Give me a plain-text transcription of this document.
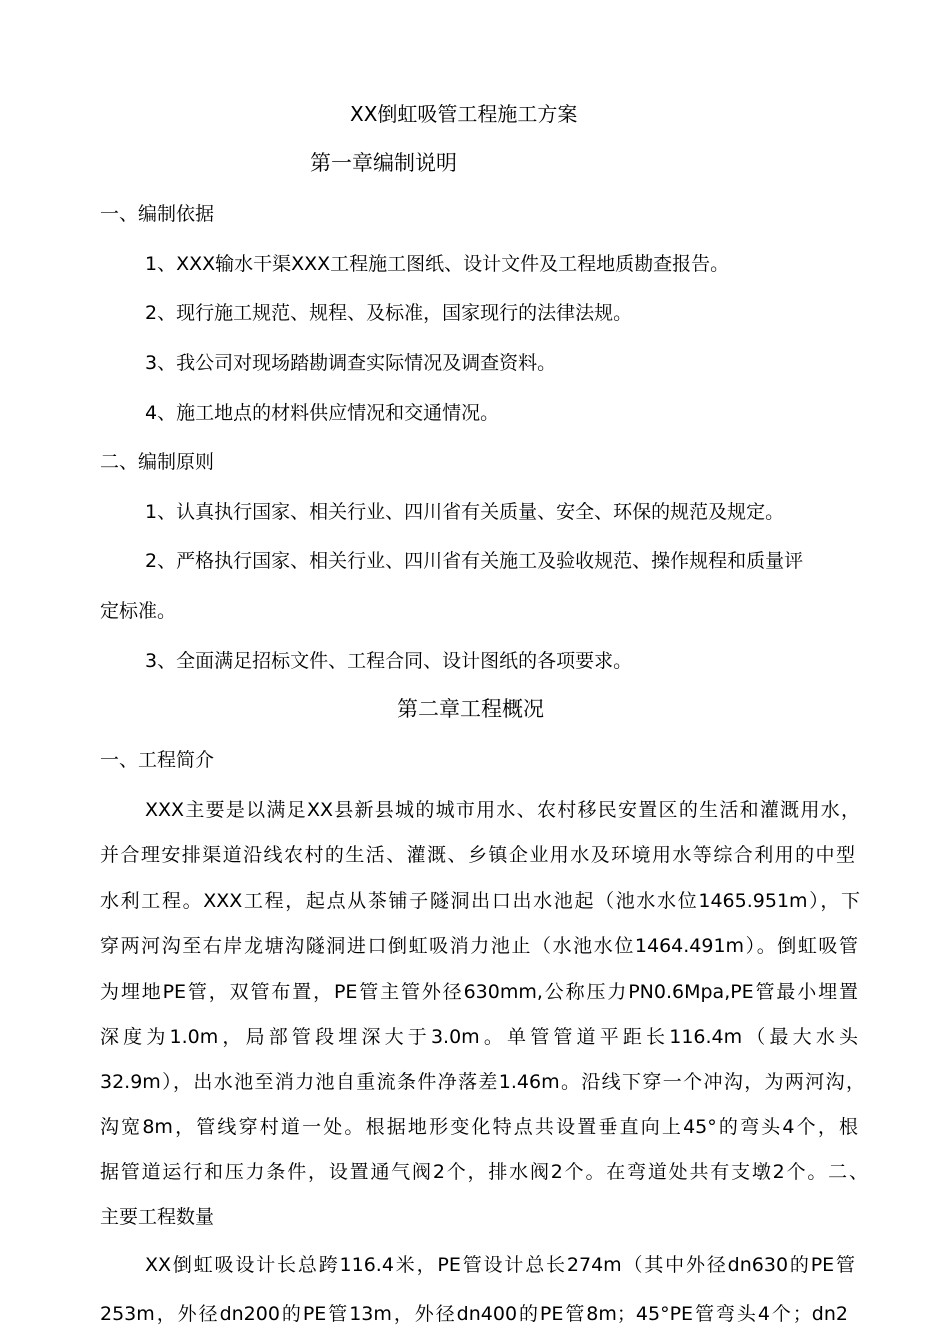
XX倒虹吸管工程施工方案
第一章编制说明
一、编制依据
1、XXX输水干渠XXX工程施工图纸、设计文件及工程地质勘查报告。
2、现行施工规范、规程、及标准，国家现行的法律法规。
3、我公司对现场踏勘调查实际情况及调查资料。
4、施工地点的材料供应情况和交通情况。
二、编制原则
1、认真执行国家、相关行业、四川省有关质量、安全、环保的规范及规定。
2、严格执行国家、相关行业、四川省有关施工及验收规范、操作规程和质量评
定标准。
3、全面满足招标文件、工程合同、设计图纸的各项要求。
第二章工程概况
一、工程简介
XXX主要是以满足XX县新县城的城市用水、农村移民安置区的生活和灌溉用水，
并合理安排渠道沿线农村的生活、灌溉、乡镇企业用水及环境用水等综合利用的中型
水利工程。XXX工程，起点从茶铺子隧洞出口出水池起（池水水位1465.951m），下
穿两河沟至右岸龙塘沟隧洞进口倒虹吸消力池止（水池水位1464.491m）。倒虹吸管
为埋地PE管，双管布置，PE管主管外径630mm,公称压力PN0.6Mpa,PE管最小埋置
深度为1.0m，局部管段埋深大于3.0m。单管管道平距长116.4m（最大水头
32.9m），出水池至消力池自重流条件净落差1.46m。沿线下穿一个冲沟，为两河沟，
沟宽8m，管线穿村道一处。根据地形变化特点共设置垂直向上45°的弯头4个，根
据管道运行和压力条件，设置通气阀2个，排水阀2个。在弯道处共有支墩2个。二、
主要工程数量
XX倒虹吸设计长总跨116.4米，PE管设计总长274m（其中外径dn630的PE管
253m，外径dn200的PE管13m，外径dn400的PE管8m；45°PE管弯头4个；dn2
